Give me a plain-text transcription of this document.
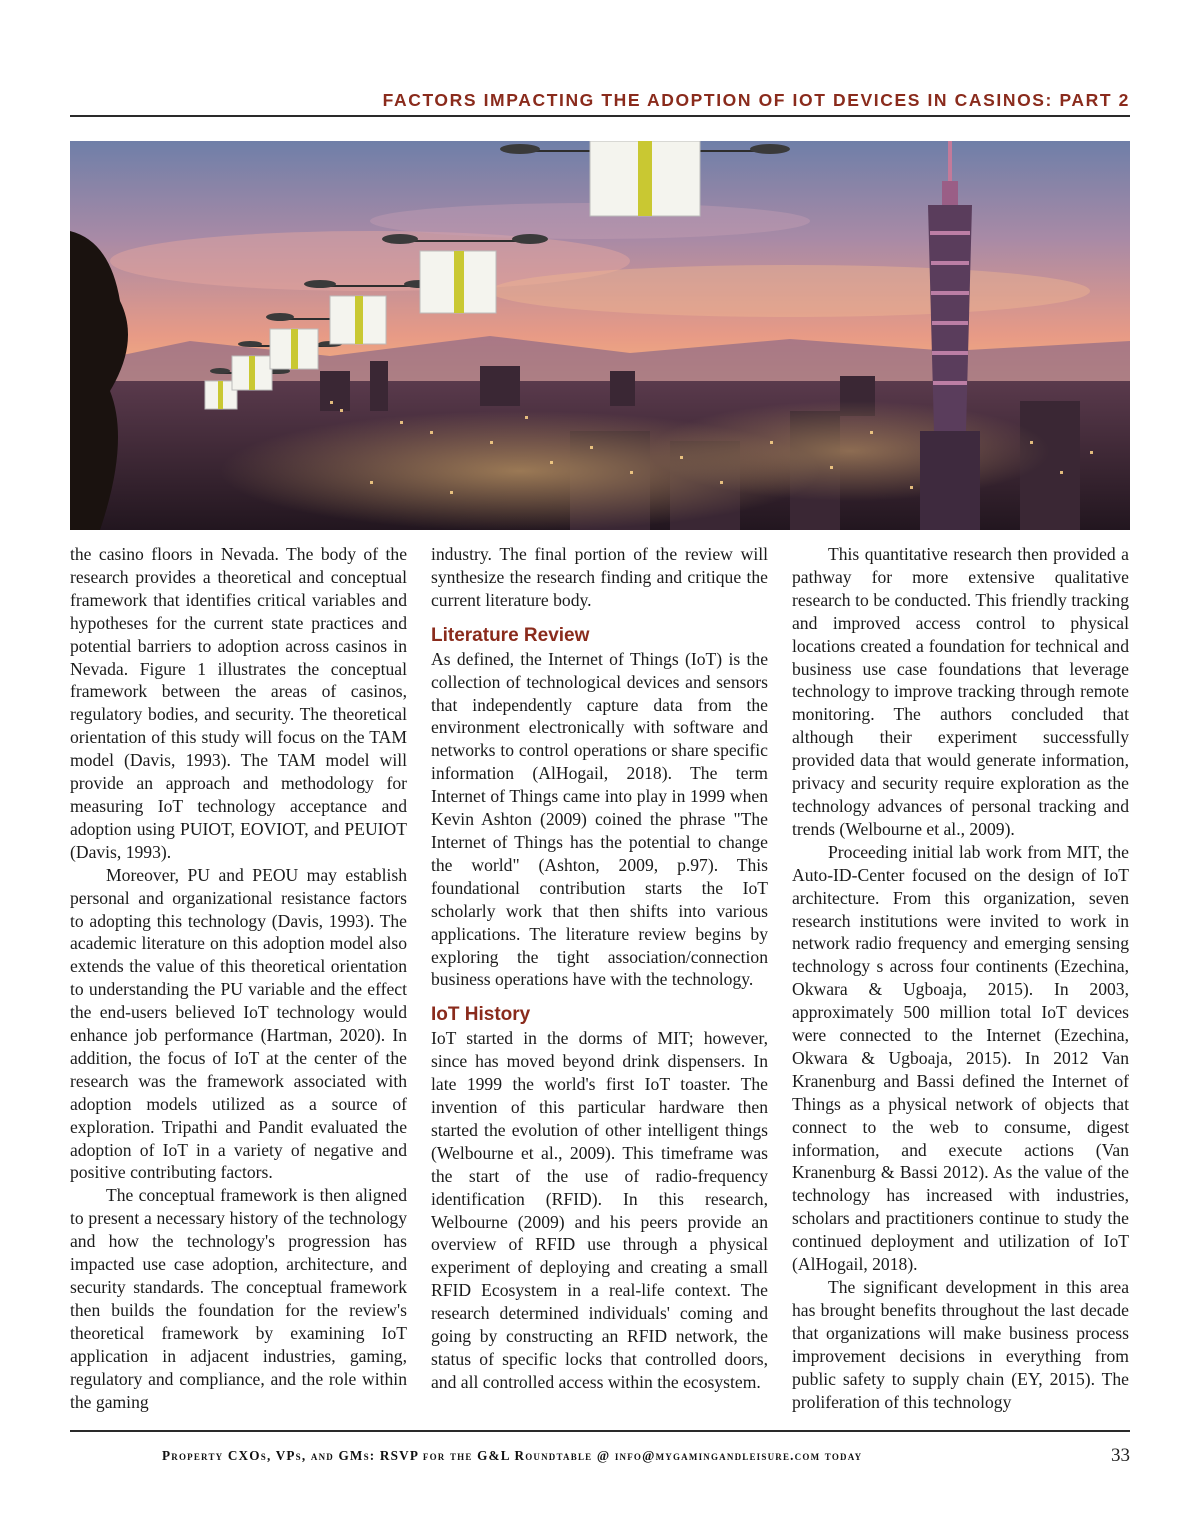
FACTORS IMPACTING THE ADOPTION OF IOT DEVICES IN CASINOS: PART 2

the casino floors in Nevada. The body of the research provides a theoretical and conceptual framework that identifies critical variables and hypotheses for the current state practices and potential barriers to adoption across casinos in Nevada. Figure 1 illustrates the conceptual framework between the areas of casinos, regulatory bodies, and security. The theoretical orientation of this study will focus on the TAM model (Davis, 1993). The TAM model will provide an approach and methodology for measuring IoT technology acceptance and adoption using PUIOT, EOVIOT, and PEUIOT (Davis, 1993).

Moreover, PU and PEOU may establish personal and organizational resistance factors to adopting this technology (Davis, 1993). The academic literature on this adoption model also extends the value of this theoretical orientation to understanding the PU variable and the effect the end-users believed IoT technology would enhance job performance (Hartman, 2020). In addition, the focus of IoT at the center of the research was the framework associated with adoption models utilized as a source of exploration. Tripathi and Pandit evaluated the adoption of IoT in a variety of negative and positive contributing factors.

The conceptual framework is then aligned to present a necessary history of the technology and how the technology's progression has impacted use case adoption, architecture, and security standards. The conceptual framework then builds the foundation for the review's theoretical framework by examining IoT application in adjacent industries, gaming, regulatory and compliance, and the role within the gaming

industry. The final portion of the review will synthesize the research finding and critique the current literature body.

Literature Review

As defined, the Internet of Things (IoT) is the collection of technological devices and sensors that independently capture data from the environment electronically with software and networks to control operations or share specific information (AlHogail, 2018). The term Internet of Things came into play in 1999 when Kevin Ashton (2009) coined the phrase "The Internet of Things has the potential to change the world" (Ashton, 2009, p.97). This foundational contribution starts the IoT scholarly work that then shifts into various applications. The literature review begins by exploring the tight association/connection business operations have with the technology.

IoT History

IoT started in the dorms of MIT; however, since has moved beyond drink dispensers. In late 1999 the world's first IoT toaster. The invention of this particular hardware then started the evolution of other intelligent things (Welbourne et al., 2009). This timeframe was the start of the use of radio-frequency identification (RFID). In this research, Welbourne (2009) and his peers provide an overview of RFID use through a physical experiment of deploying and creating a small RFID Ecosystem in a real-life context. The research determined individuals' coming and going by constructing an RFID network, the status of specific locks that controlled doors, and all controlled access within the ecosystem.

This quantitative research then provided a pathway for more extensive qualitative research to be conducted. This friendly tracking and improved access control to physical locations created a foundation for technical and business use case foundations that leverage technology to improve tracking through remote monitoring. The authors concluded that although their experiment successfully provided data that would generate information, privacy and security require exploration as the technology advances of personal tracking and trends (Welbourne et al., 2009).

Proceeding initial lab work from MIT, the Auto-ID-Center focused on the design of IoT architecture. From this organization, seven research institutions were invited to work in network radio frequency and emerging sensing technology s across four continents (Ezechina, Okwara & Ugboaja, 2015). In 2003, approximately 500 million total IoT devices were connected to the Internet (Ezechina, Okwara & Ugboaja, 2015). In 2012 Van Kranenburg and Bassi defined the Internet of Things as a physical network of objects that connect to the web to consume, digest information, and execute actions (Van Kranenburg & Bassi 2012). As the value of the technology has increased with industries, scholars and practitioners continue to study the continued deployment and utilization of IoT (AlHogail, 2018).

The significant development in this area has brought benefits throughout the last decade that organizations will make business process improvement decisions in everything from public safety to supply chain (EY, 2015). The proliferation of this technology

Property CXOs, VPs, and GMs: RSVP for the G&L Roundtable @ info@mygamingandleisure.com today	33
